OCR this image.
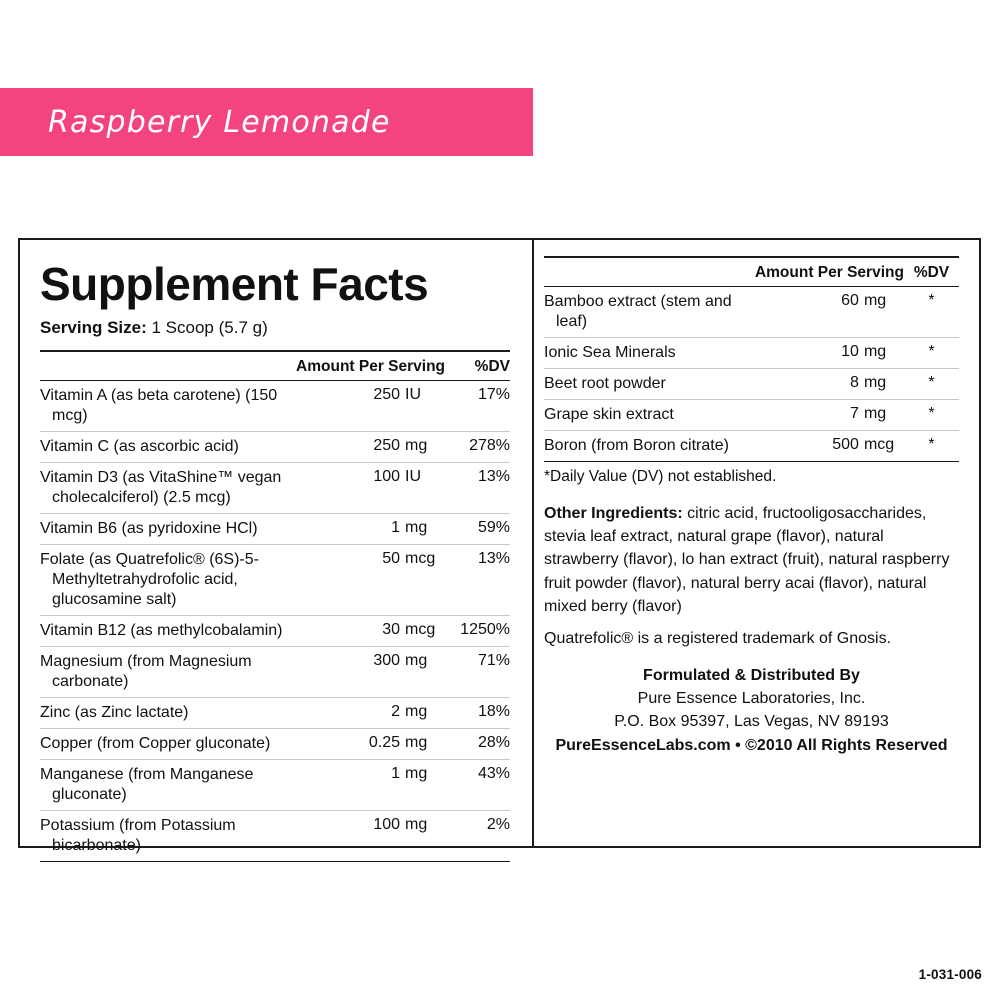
Raspberry Lemonade
Supplement Facts
Serving Size: 1 Scoop (5.7 g)
	Amount Per Serving	%DV

Vitamin A (as beta carotene) (150 mcg)	250 IU	17%

Vitamin C (as ascorbic acid)	250 mg	278%

Vitamin D3 (as VitaShine™ vegan cholecalciferol) (2.5 mcg)	100 IU	13%

Vitamin B6 (as pyridoxine HCl)	1 mg	59%

Folate (as Quatrefolic® (6S)-5-Methyltetrahydrofolic acid, glucosamine salt)	50 mcg	13%

Vitamin B12 (as methylcobalamin)	30 mcg	1250%

Magnesium (from Magnesium carbonate)	300 mg	71%

Zinc (as Zinc lactate)	2 mg	18%

Copper (from Copper gluconate)	0.25 mg	28%

Manganese (from Manganese gluconate)	1 mg	43%

Potassium (from Potassium bicarbonate)	100 mg	2%
	Amount Per Serving	%DV

Bamboo extract (stem and leaf)	60 mg	*

Ionic Sea Minerals	10 mg	*

Beet root powder	8 mg	*

Grape skin extract	7 mg	*

Boron (from Boron citrate)	500 mcg	*
*Daily Value (DV) not established.
Other Ingredients: citric acid, fructooligosaccharides, stevia leaf extract, natural grape (flavor), natural strawberry (flavor), lo han extract (fruit), natural raspberry fruit powder (flavor), natural berry acai (flavor), natural mixed berry (flavor)
Quatrefolic® is a registered trademark of Gnosis.
Formulated & Distributed By
Pure Essence Laboratories, Inc.
P.O. Box 95397, Las Vegas, NV 89193
PureEssenceLabs.com • ©2010 All Rights Reserved
1-031-006
